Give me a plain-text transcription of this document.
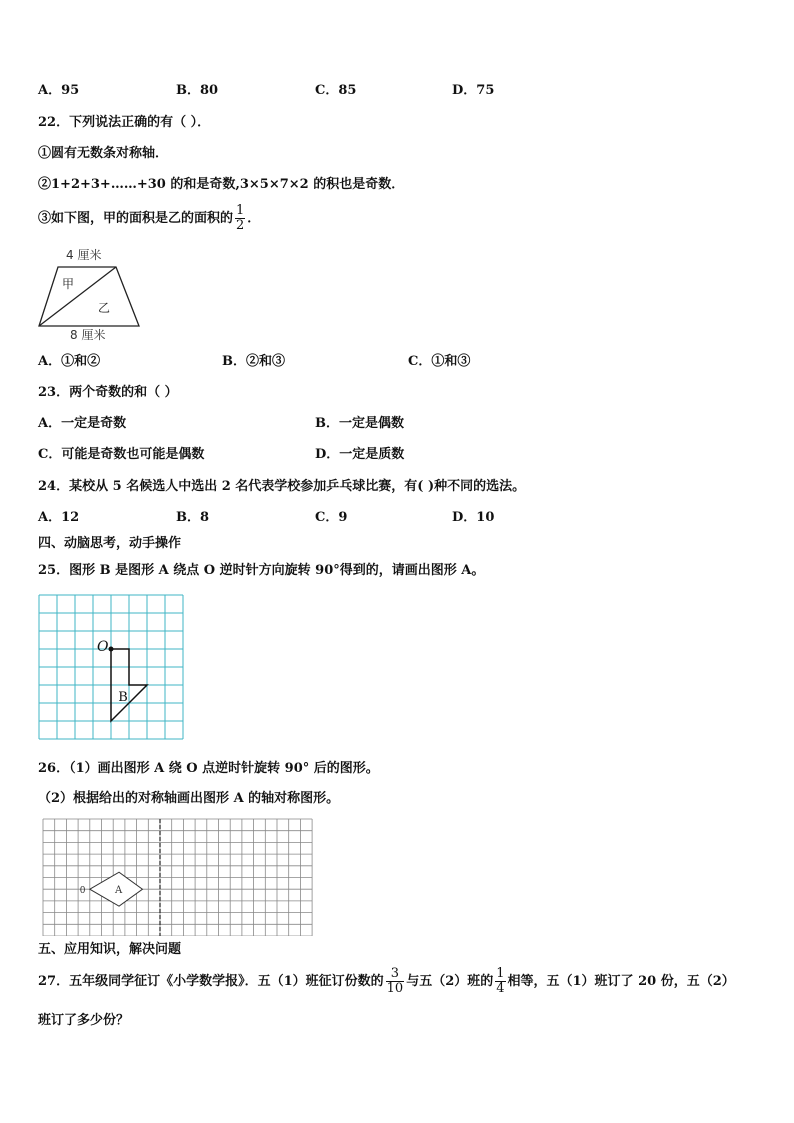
A．95	B．80	C．85	D．75
22．下列说法正确的有（ ）．
①圆有无数条对称轴．
②1+2+3+……+30 的和是奇数,3×5×7×2 的积也是奇数．
③如下图，甲的面积是乙的面积的 $\frac{1}{2}$ ．
4 厘米
甲
乙
8 厘米
A．①和②	B．②和③	C．①和③
23．两个奇数的和（ ）
A．一定是奇数	B．一定是偶数
C．可能是奇数也可能是偶数	D．一定是质数
24．某校从 5 名候选人中选出 2 名代表学校参加乒乓球比赛，有( )种不同的选法。
A．12	B．8	C．9	D．10
四、动脑思考，动手操作
25．图形 B 是图形 A 绕点 O 逆时针方向旋转 90°得到的，请画出图形 A。
O
B
26．（1）画出图形 A 绕 O 点逆时针旋转 90° 后的图形。
（2）根据给出的对称轴画出图形 A 的轴对称图形。
0	A
五、应用知识，解决问题
27．五年级同学征订《小学数学报》．五（1）班征订份数的 $\frac{3}{10}$ 与五（2）班的 $\frac{1}{4}$ 相等，五（1）班订了 20 份，五（2）
班订了多少份？
